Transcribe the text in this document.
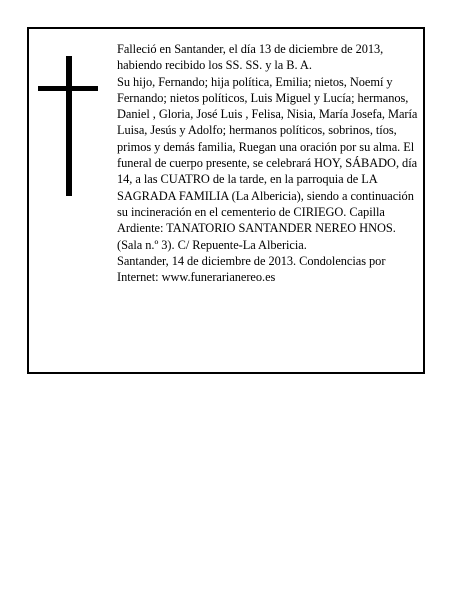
Falleció en Santander, el día 13 de diciembre de 2013, habiendo recibido los SS. SS. y la B. A.

Su hijo, Fernando; hija política, Emilia; nietos, Noemí y Fernando; nietos políticos, Luis Miguel y Lucía; hermanos, Daniel , Gloria, José Luis , Felisa, Nisia, María Josefa, María Luisa, Jesús y Adolfo; hermanos políticos, sobrinos, tíos, primos y demás familia, Ruegan una oración por su alma. El funeral de cuerpo presente, se celebrará HOY, SÁBADO, día 14, a las CUATRO de la tarde, en la parroquia de LA SAGRADA FAMILIA (La Albericia), siendo a continuación su incineración en el cementerio de CIRIEGO. Capilla Ardiente: TANATORIO SANTANDER NEREO HNOS. (Sala n.º 3). C/ Repuente-La Albericia.

Santander, 14 de diciembre de 2013. Condolencias por Internet: www.funerarianereo.es
